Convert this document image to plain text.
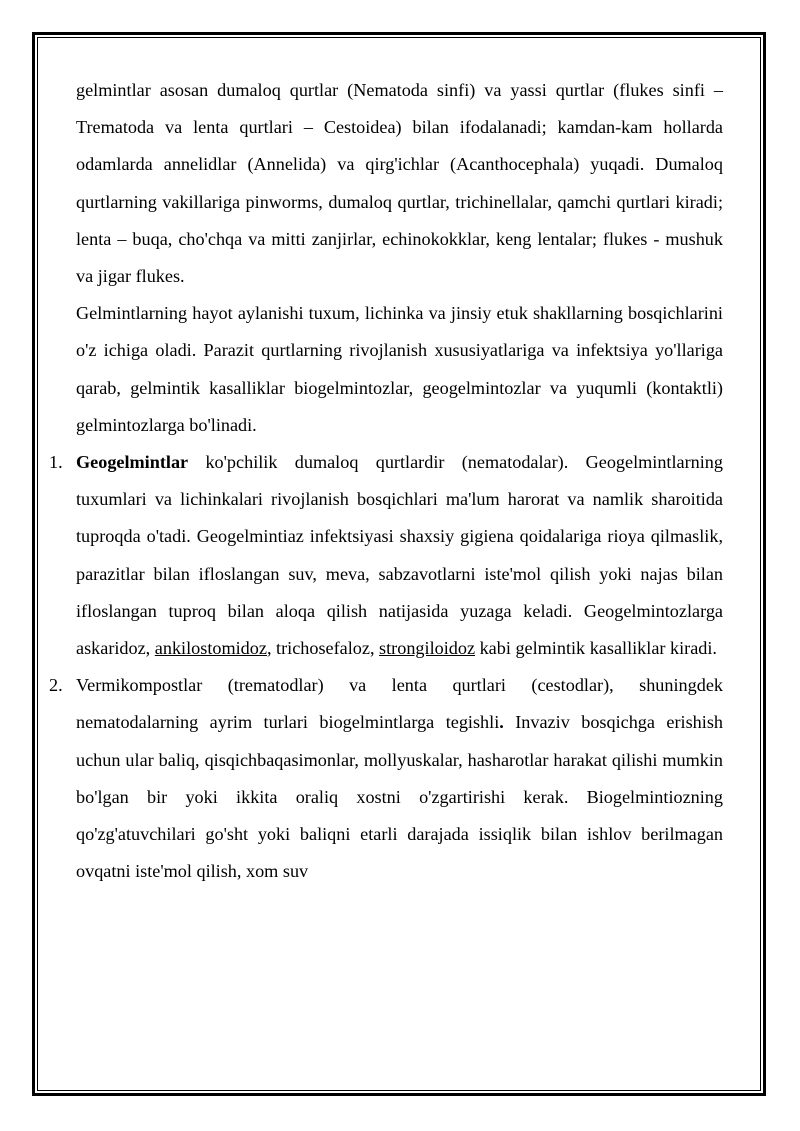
gelmintlar asosan dumaloq qurtlar (Nematoda sinfi) va yassi qurtlar (flukes sinfi – Trematoda va lenta qurtlari – Cestoidea) bilan ifodalanadi; kamdan-kam hollarda odamlarda annelidlar (Annelida) va qirg'ichlar (Acanthocephala) yuqadi. Dumaloq qurtlarning vakillariga pinworms, dumaloq qurtlar, trichinellalar, qamchi qurtlari kiradi; lenta – buqa, cho'chqa va mitti zanjirlar, echinokokklar, keng lentalar; flukes - mushuk va jigar flukes.

Gelmintlarning hayot aylanishi tuxum, lichinka va jinsiy etuk shakllarning bosqichlarini o'z ichiga oladi. Parazit qurtlarning rivojlanish xususiyatlariga va infektsiya yo'llariga qarab, gelmintik kasalliklar biogelmintozlar, geogelmintozlar va yuqumli (kontaktli) gelmintozlarga bo'linadi.

1. Geogelmintlar ko'pchilik dumaloq qurtlardir (nematodalar). Geogelmintlarning tuxumlari va lichinkalari rivojlanish bosqichlari ma'lum harorat va namlik sharoitida tuproqda o'tadi. Geogelmintiaz infektsiyasi shaxsiy gigiena qoidalariga rioya qilmaslik, parazitlar bilan ifloslangan suv, meva, sabzavotlarni iste'mol qilish yoki najas bilan ifloslangan tuproq bilan aloqa qilish natijasida yuzaga keladi. Geogelmintozlarga askaridoz, ankilostomidoz, trichosefaloz, strongiloidoz kabi gelmintik kasalliklar kiradi.
2. Vermikompostlar (trematodlar) va lenta qurtlari (cestodlar), shuningdek nematodalarning ayrim turlari biogelmintlarga tegishli. Invaziv bosqichga erishish uchun ular baliq, qisqichbaqasimonlar, mollyuskalar, hasharotlar harakat qilishi mumkin bo'lgan bir yoki ikkita oraliq xostni o'zgartirishi kerak. Biogelmintiozning qo'zg'atuvchilari go'sht yoki baliqni etarli darajada issiqlik bilan ishlov berilmagan ovqatni iste'mol qilish, xom suv
